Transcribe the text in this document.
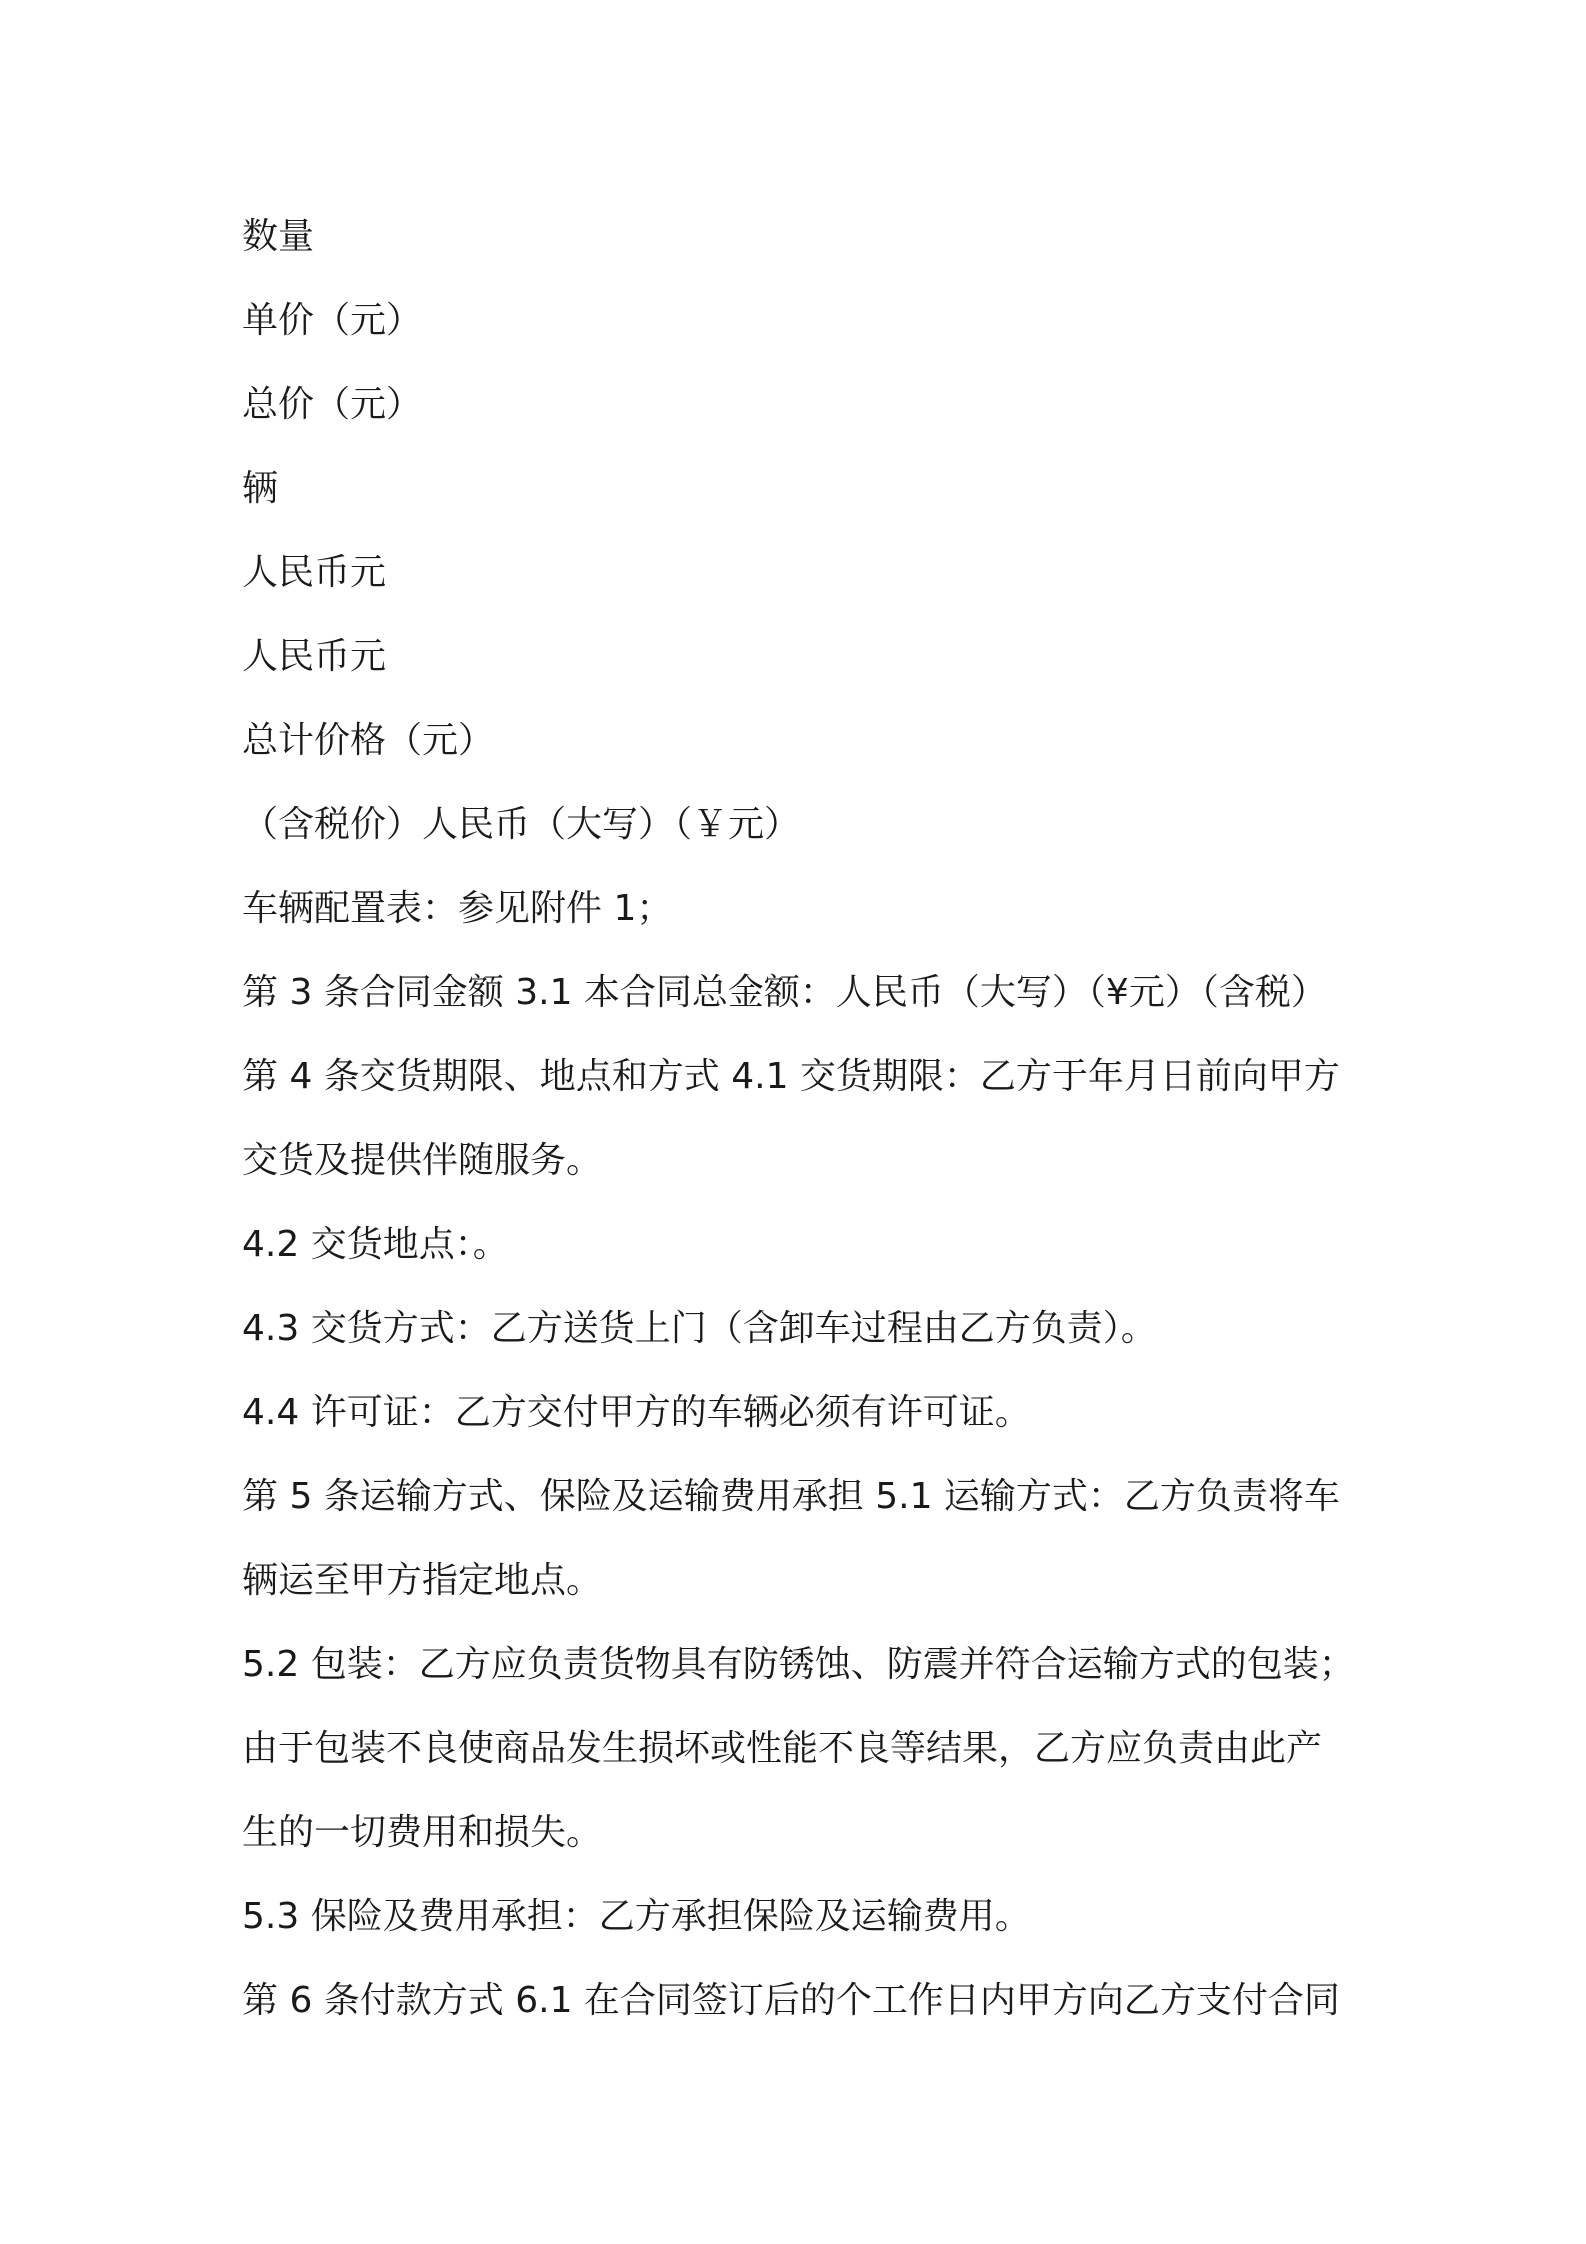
数量
单价（元）
总价（元）
辆
人民币元
人民币元
总计价格（元）
（含税价）人民币（大写）（￥元）
车辆配置表：参见附件 1；
第 3 条合同金额 3.1 本合同总金额：人民币（大写）（¥元）（含税）
第 4 条交货期限、地点和方式 4.1 交货期限：乙方于年月日前向甲方
交货及提供伴随服务。
4.2 交货地点：。
4.3 交货方式：乙方送货上门（含卸车过程由乙方负责）。
4.4 许可证：乙方交付甲方的车辆必须有许可证。
第 5 条运输方式、保险及运输费用承担 5.1 运输方式：乙方负责将车
辆运至甲方指定地点。
5.2 包装：乙方应负责货物具有防锈蚀、防震并符合运输方式的包装；
由于包装不良使商品发生损坏或性能不良等结果，乙方应负责由此产
生的一切费用和损失。
5.3 保险及费用承担：乙方承担保险及运输费用。
第 6 条付款方式 6.1 在合同签订后的个工作日内甲方向乙方支付合同
